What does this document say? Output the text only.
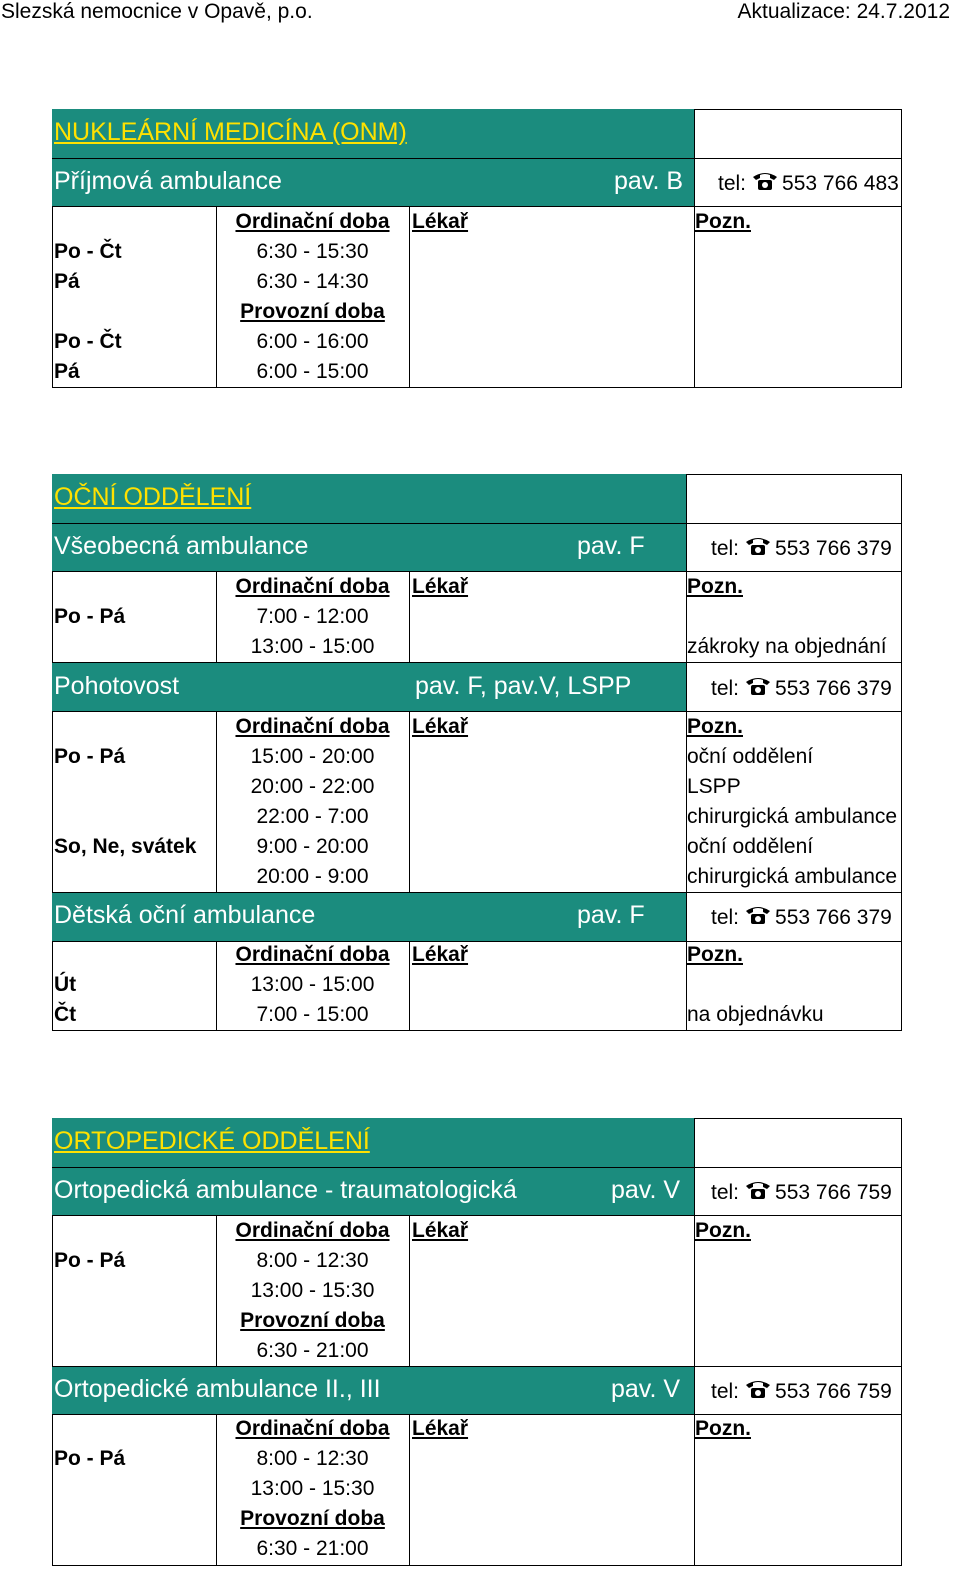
Slezská nemocnice v Opavě, p.o.	Aktualizace: 24.7.2012
NUKLEÁRNÍ MEDICÍNA (ONM)
Příjmová ambulance	pav. B tel: 553 766 483
Ordinační doba	Lékař	Pozn.
Po - Čt	6:30 - 15:30
Pá	6:30 - 14:30
Provozní doba
Po - Čt	6:00 - 16:00
Pá	6:00 - 15:00
OČNÍ ODDĚLENÍ
Všeobecná ambulance	pav. F	tel: 553 766 379
Ordinační doba	Lékař	Pozn.
Po - Pá	7:00 - 12:00
13:00 - 15:00	zákroky na objednání
Pohotovost	pav. F, pav.V, LSPP	tel: 553 766 379
Ordinační doba	Lékař	Pozn.
Po - Pá	15:00 - 20:00	oční oddělení
20:00 - 22:00	LSPP
22:00 - 7:00	chirurgická ambulance
So, Ne, svátek	9:00 - 20:00	oční oddělení
20:00 - 9:00	chirurgická ambulance
Dětská oční ambulance	pav. F	tel: 553 766 379
Ordinační doba	Lékař	Pozn.
Út	13:00 - 15:00
Čt	7:00 - 15:00	na objednávku
ORTOPEDICKÉ ODDĚLENÍ
Ortopedická ambulance - traumatologická	pav. V tel: 553 766 759
Ordinační doba	Lékař	Pozn.
Po - Pá	8:00 - 12:30
13:00 - 15:30
Provozní doba
6:30 - 21:00
Ortopedické ambulance II., III	pav. V tel: 553 766 759
Ordinační doba	Lékař	Pozn.
Po - Pá	8:00 - 12:30
13:00 - 15:30
Provozní doba
6:30 - 21:00
